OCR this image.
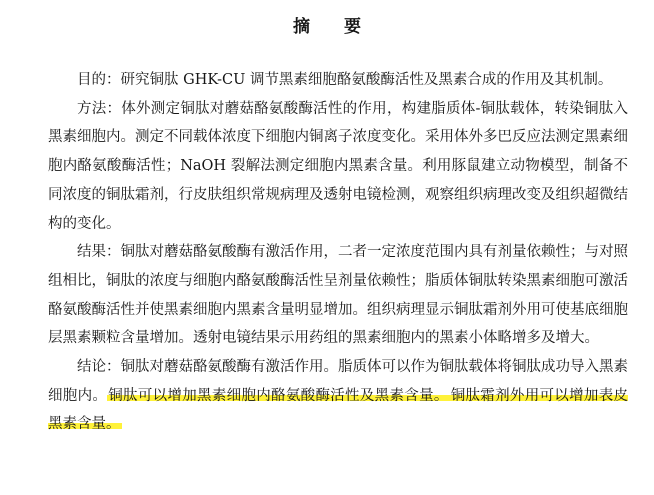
摘 要

目的：研究铜肽 GHK-CU 调节黑素细胞酪氨酸酶活性及黑素合成的作用及其机制。

方法：体外测定铜肽对蘑菇酪氨酸酶活性的作用，构建脂质体-铜肽载体，转染铜肽入黑素细胞内。测定不同载体浓度下细胞内铜离子浓度变化。采用体外多巴反应法测定黑素细胞内酪氨酸酶活性；NaOH 裂解法测定细胞内黑素含量。利用豚鼠建立动物模型，制备不同浓度的铜肽霜剂，行皮肤组织常规病理及透射电镜检测，观察组织病理改变及组织超微结构的变化。

结果：铜肽对蘑菇酪氨酸酶有激活作用，二者一定浓度范围内具有剂量依赖性；与对照组相比，铜肽的浓度与细胞内酪氨酸酶活性呈剂量依赖性；脂质体铜肽转染黑素细胞可激活酪氨酸酶活性并使黑素细胞内黑素含量明显增加。组织病理显示铜肽霜剂外用可使基底细胞层黑素颗粒含量增加。透射电镜结果示用药组的黑素细胞内的黑素小体略增多及增大。

结论：铜肽对蘑菇酪氨酸酶有激活作用。脂质体可以作为铜肽载体将铜肽成功导入黑素细胞内。铜肽可以增加黑素细胞内酪氨酸酶活性及黑素含量。 铜肽霜剂外用可以增加表皮黑素含量。
